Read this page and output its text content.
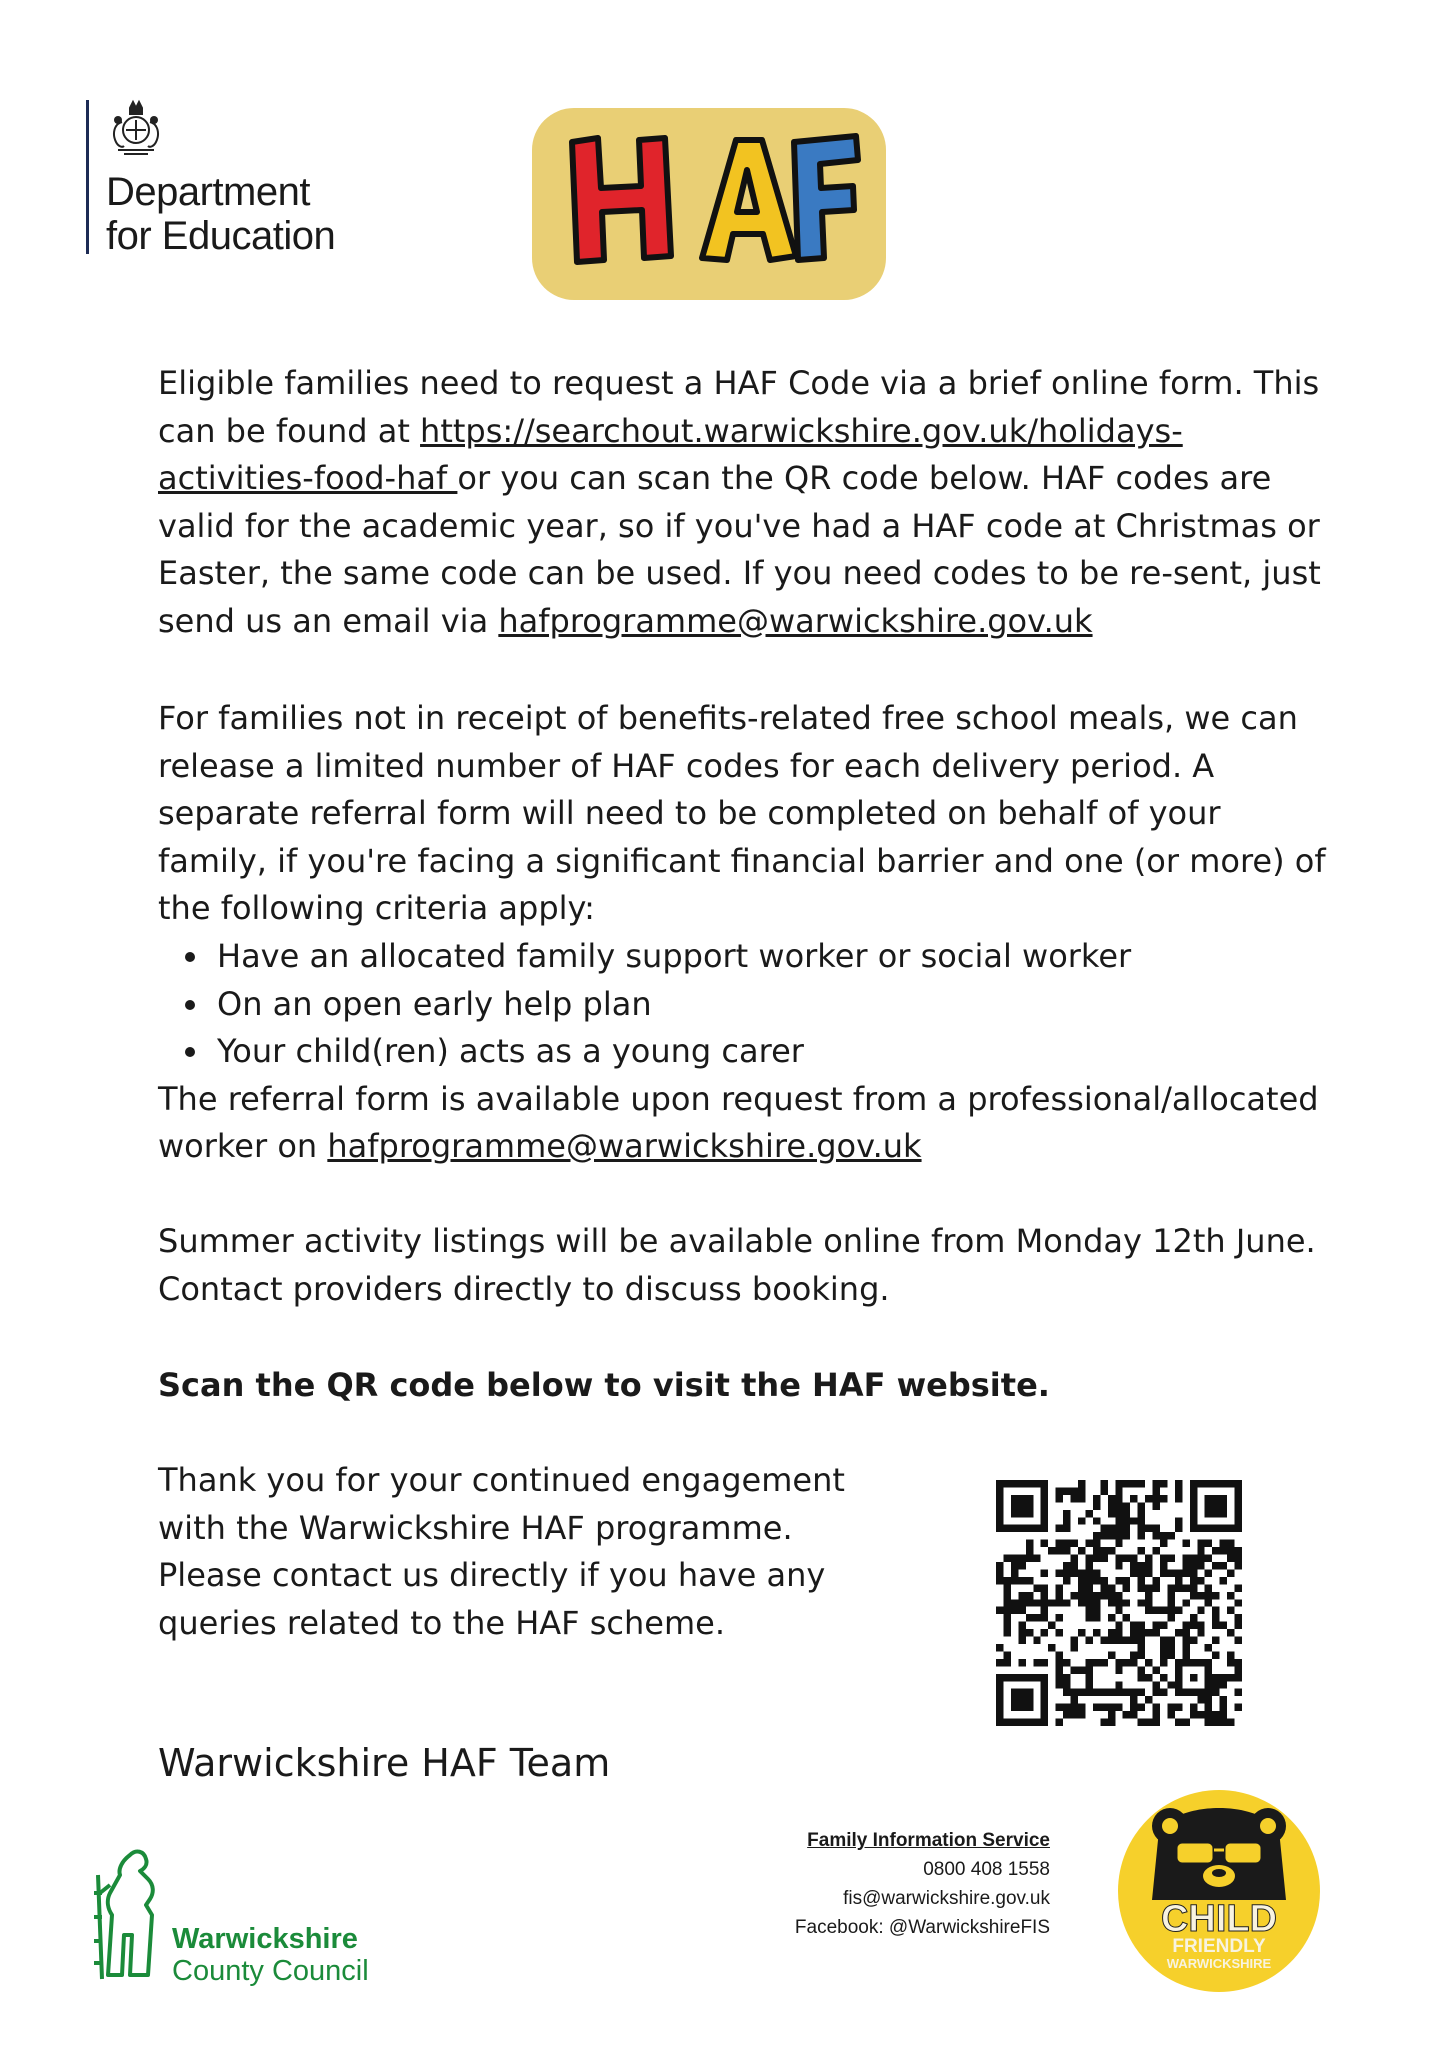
Department
for Education

Eligible families need to request a HAF Code via a brief online form. This can be found at https://searchout.warwickshire.gov.uk/holidays-activities-food-haf or you can scan the QR code below. HAF codes are valid for the academic year, so if you've had a HAF code at Christmas or Easter, the same code can be used. If you need codes to be re-sent, just send us an email via hafprogramme@warwickshire.gov.uk

For families not in receipt of benefits-related free school meals, we can release a limited number of HAF codes for each delivery period. A separate referral form will need to be completed on behalf of your family, if you're facing a significant financial barrier and one (or more) of the following criteria apply:

Have an allocated family support worker or social worker
On an open early help plan
Your child(ren) acts as a young carer

The referral form is available upon request from a professional/allocated worker on hafprogramme@warwickshire.gov.uk

Summer activity listings will be available online from Monday 12th June. Contact providers directly to discuss booking.
Scan the QR code below to visit the HAF website.
Thank you for your continued engagement with the Warwickshire HAF programme. Please contact us directly if you have any queries related to the HAF scheme.
Warwickshire HAF Team
Warwickshire
County Council
Family Information Service
0800 408 1558
fis@warwickshire.gov.uk
Facebook: @WarwickshireFIS	CHILD
FRIENDLY
WARWICKSHIRE
